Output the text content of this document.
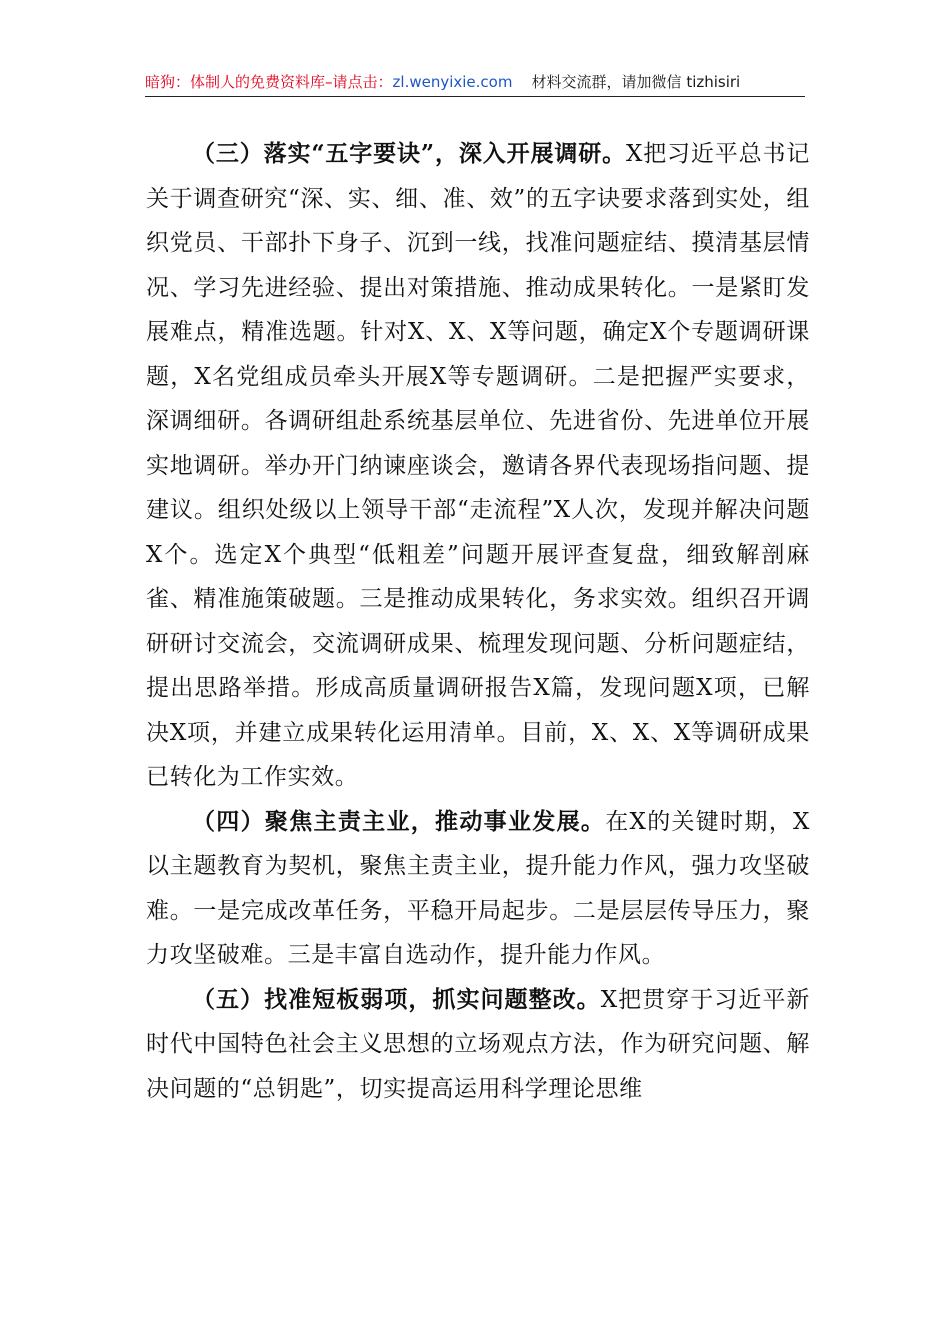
暗狗：体制人的免费资料库–请点击：zl.wenyixie.com 材料交流群，请加微信 tizhisiri

（三）落实“五字要诀”，深入开展调研。X把习近平总书记关于调查研究“深、实、细、准、效”的五字诀要求落到实处，组织党员、干部扑下身子、沉到一线，找准问题症结、摸清基层情况、学习先进经验、提出对策措施、推动成果转化。一是紧盯发展难点，精准选题。针对X、X、X等问题，确定X个专题调研课题，X名党组成员牵头开展X等专题调研。二是把握严实要求，深调细研。各调研组赴系统基层单位、先进省份、先进单位开展实地调研。举办开门纳谏座谈会，邀请各界代表现场指问题、提建议。组织处级以上领导干部“走流程”X人次，发现并解决问题X个。选定X个典型“低粗差”问题开展评查复盘，细致解剖麻雀、精准施策破题。三是推动成果转化，务求实效。组织召开调研研讨交流会，交流调研成果、梳理发现问题、分析问题症结，提出思路举措。形成高质量调研报告X篇，发现问题X项，已解决X项，并建立成果转化运用清单。目前，X、X、X等调研成果已转化为工作实效。

（四）聚焦主责主业，推动事业发展。在X的关键时期，X以主题教育为契机，聚焦主责主业，提升能力作风，强力攻坚破难。一是完成改革任务，平稳开局起步。二是层层传导压力，聚力攻坚破难。三是丰富自选动作，提升能力作风。

（五）找准短板弱项，抓实问题整改。X把贯穿于习近平新时代中国特色社会主义思想的立场观点方法，作为研究问题、解决问题的“总钥匙”，切实提高运用科学理论思维
